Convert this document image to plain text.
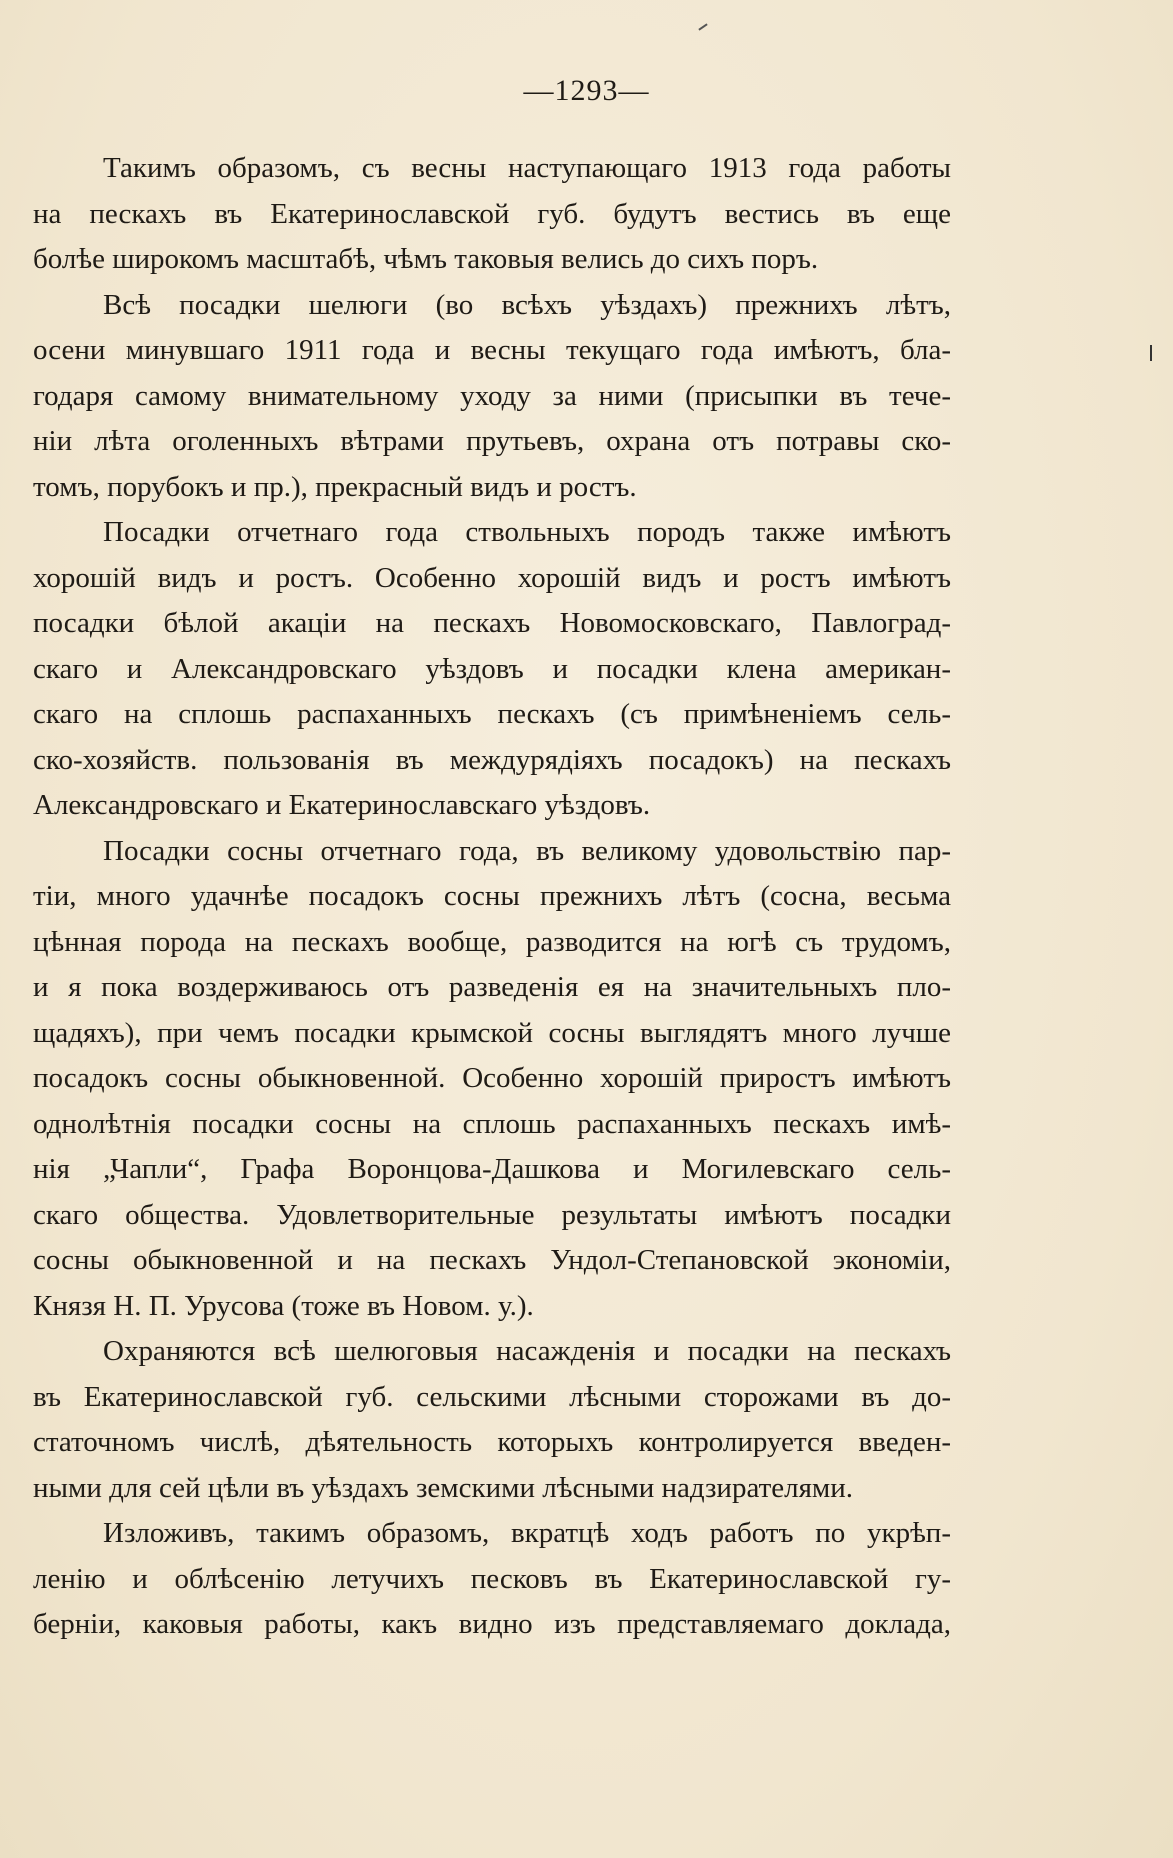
—1293—
Такимъ образомъ, съ весны наступающаго 1913 года работы
на пескахъ въ Екатеринославской губ. будутъ вестись въ еще
болѣе широкомъ масштабѣ, чѣмъ таковыя велись до сихъ поръ.
Всѣ посадки шелюги (во всѣхъ уѣздахъ) прежнихъ лѣтъ,
осени минувшаго 1911 года и весны текущаго года имѣютъ, бла-
годаря самому внимательному уходу за ними (присыпки въ тече-
ніи лѣта оголенныхъ вѣтрами прутьевъ, охрана отъ потравы ско-
томъ, порубокъ и пр.), прекрасный видъ и ростъ.
Посадки отчетнаго года ствольныхъ породъ также имѣютъ
хорошій видъ и ростъ. Особенно хорошій видъ и ростъ имѣютъ
посадки бѣлой акаціи на пескахъ Новомосковскаго, Павлоград-
скаго и Александровскаго уѣздовъ и посадки клена американ-
скаго на сплошь распаханныхъ пескахъ (съ примѣненіемъ сель-
ско-хозяйств. пользованія въ междурядіяхъ посадокъ) на пескахъ
Александровскаго и Екатеринославскаго уѣздовъ.
Посадки сосны отчетнаго года, въ великому удовольствію пар-
тіи, много удачнѣе посадокъ сосны прежнихъ лѣтъ (сосна, весьма
цѣнная порода на пескахъ вообще, разводится на югѣ съ трудомъ,
и я пока воздерживаюсь отъ разведенія ея на значительныхъ пло-
щадяхъ), при чемъ посадки крымской сосны выглядятъ много лучше
посадокъ сосны обыкновенной. Особенно хорошій приростъ имѣютъ
однолѣтнія посадки сосны на сплошь распаханныхъ пескахъ имѣ-
нія „Чапли“, Графа Воронцова-Дашкова и Могилевскаго сель-
скаго общества. Удовлетворительные результаты имѣютъ посадки
сосны обыкновенной и на пескахъ Ундол-Степановской экономіи,
Князя Н. П. Урусова (тоже въ Новом. у.).
Охраняются всѣ шелюговыя насажденія и посадки на пескахъ
въ Екатеринославской губ. сельскими лѣсными сторожами въ до-
статочномъ числѣ, дѣятельность которыхъ контролируется введен-
ными для сей цѣли въ уѣздахъ земскими лѣсными надзирателями.
Изложивъ, такимъ образомъ, вкратцѣ ходъ работъ по укрѣп-
ленію и облѣсенію летучихъ песковъ въ Екатеринославской гу-
берніи, каковыя работы, какъ видно изъ представляемаго доклада,
